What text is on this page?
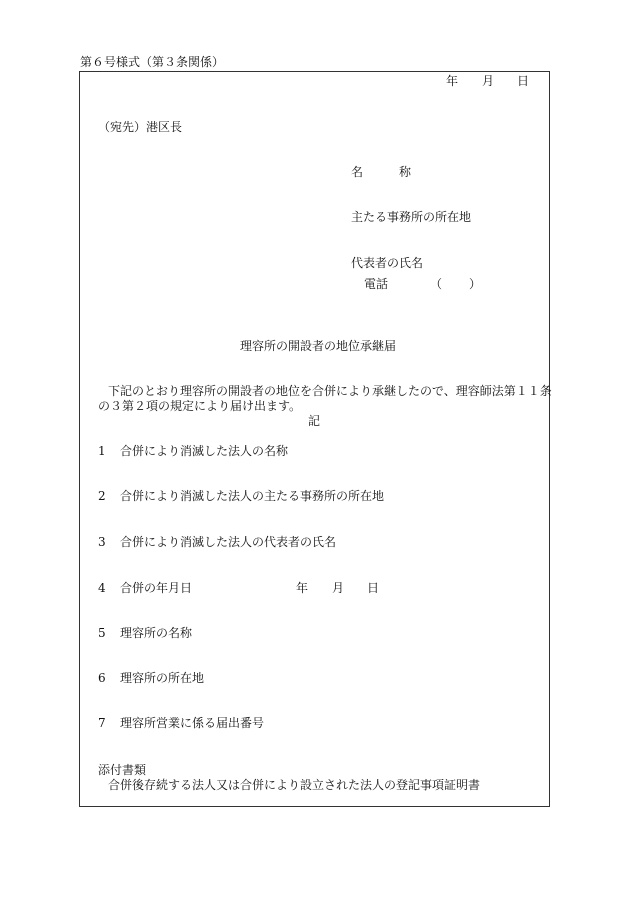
第６号様式（第３条関係）
年 月 日
（宛先）港区長
名	称
主たる事務所の所在地
代表者の氏名
電話	（ ）
理容所の開設者の地位承継届
下記のとおり理容所の開設者の地位を合併により承継したので、理容師法第１１条
の３第２項の規定により届け出ます。
記
1 合併により消滅した法人の名称
2 合併により消滅した法人の主たる事務所の所在地
3 合併により消滅した法人の代表者の氏名
4 合併の年月日
5 理容所の名称
6 理容所の所在地
7 理容所営業に係る届出番号
年 月 日
添付書類
合併後存続する法人又は合併により設立された法人の登記事項証明書
